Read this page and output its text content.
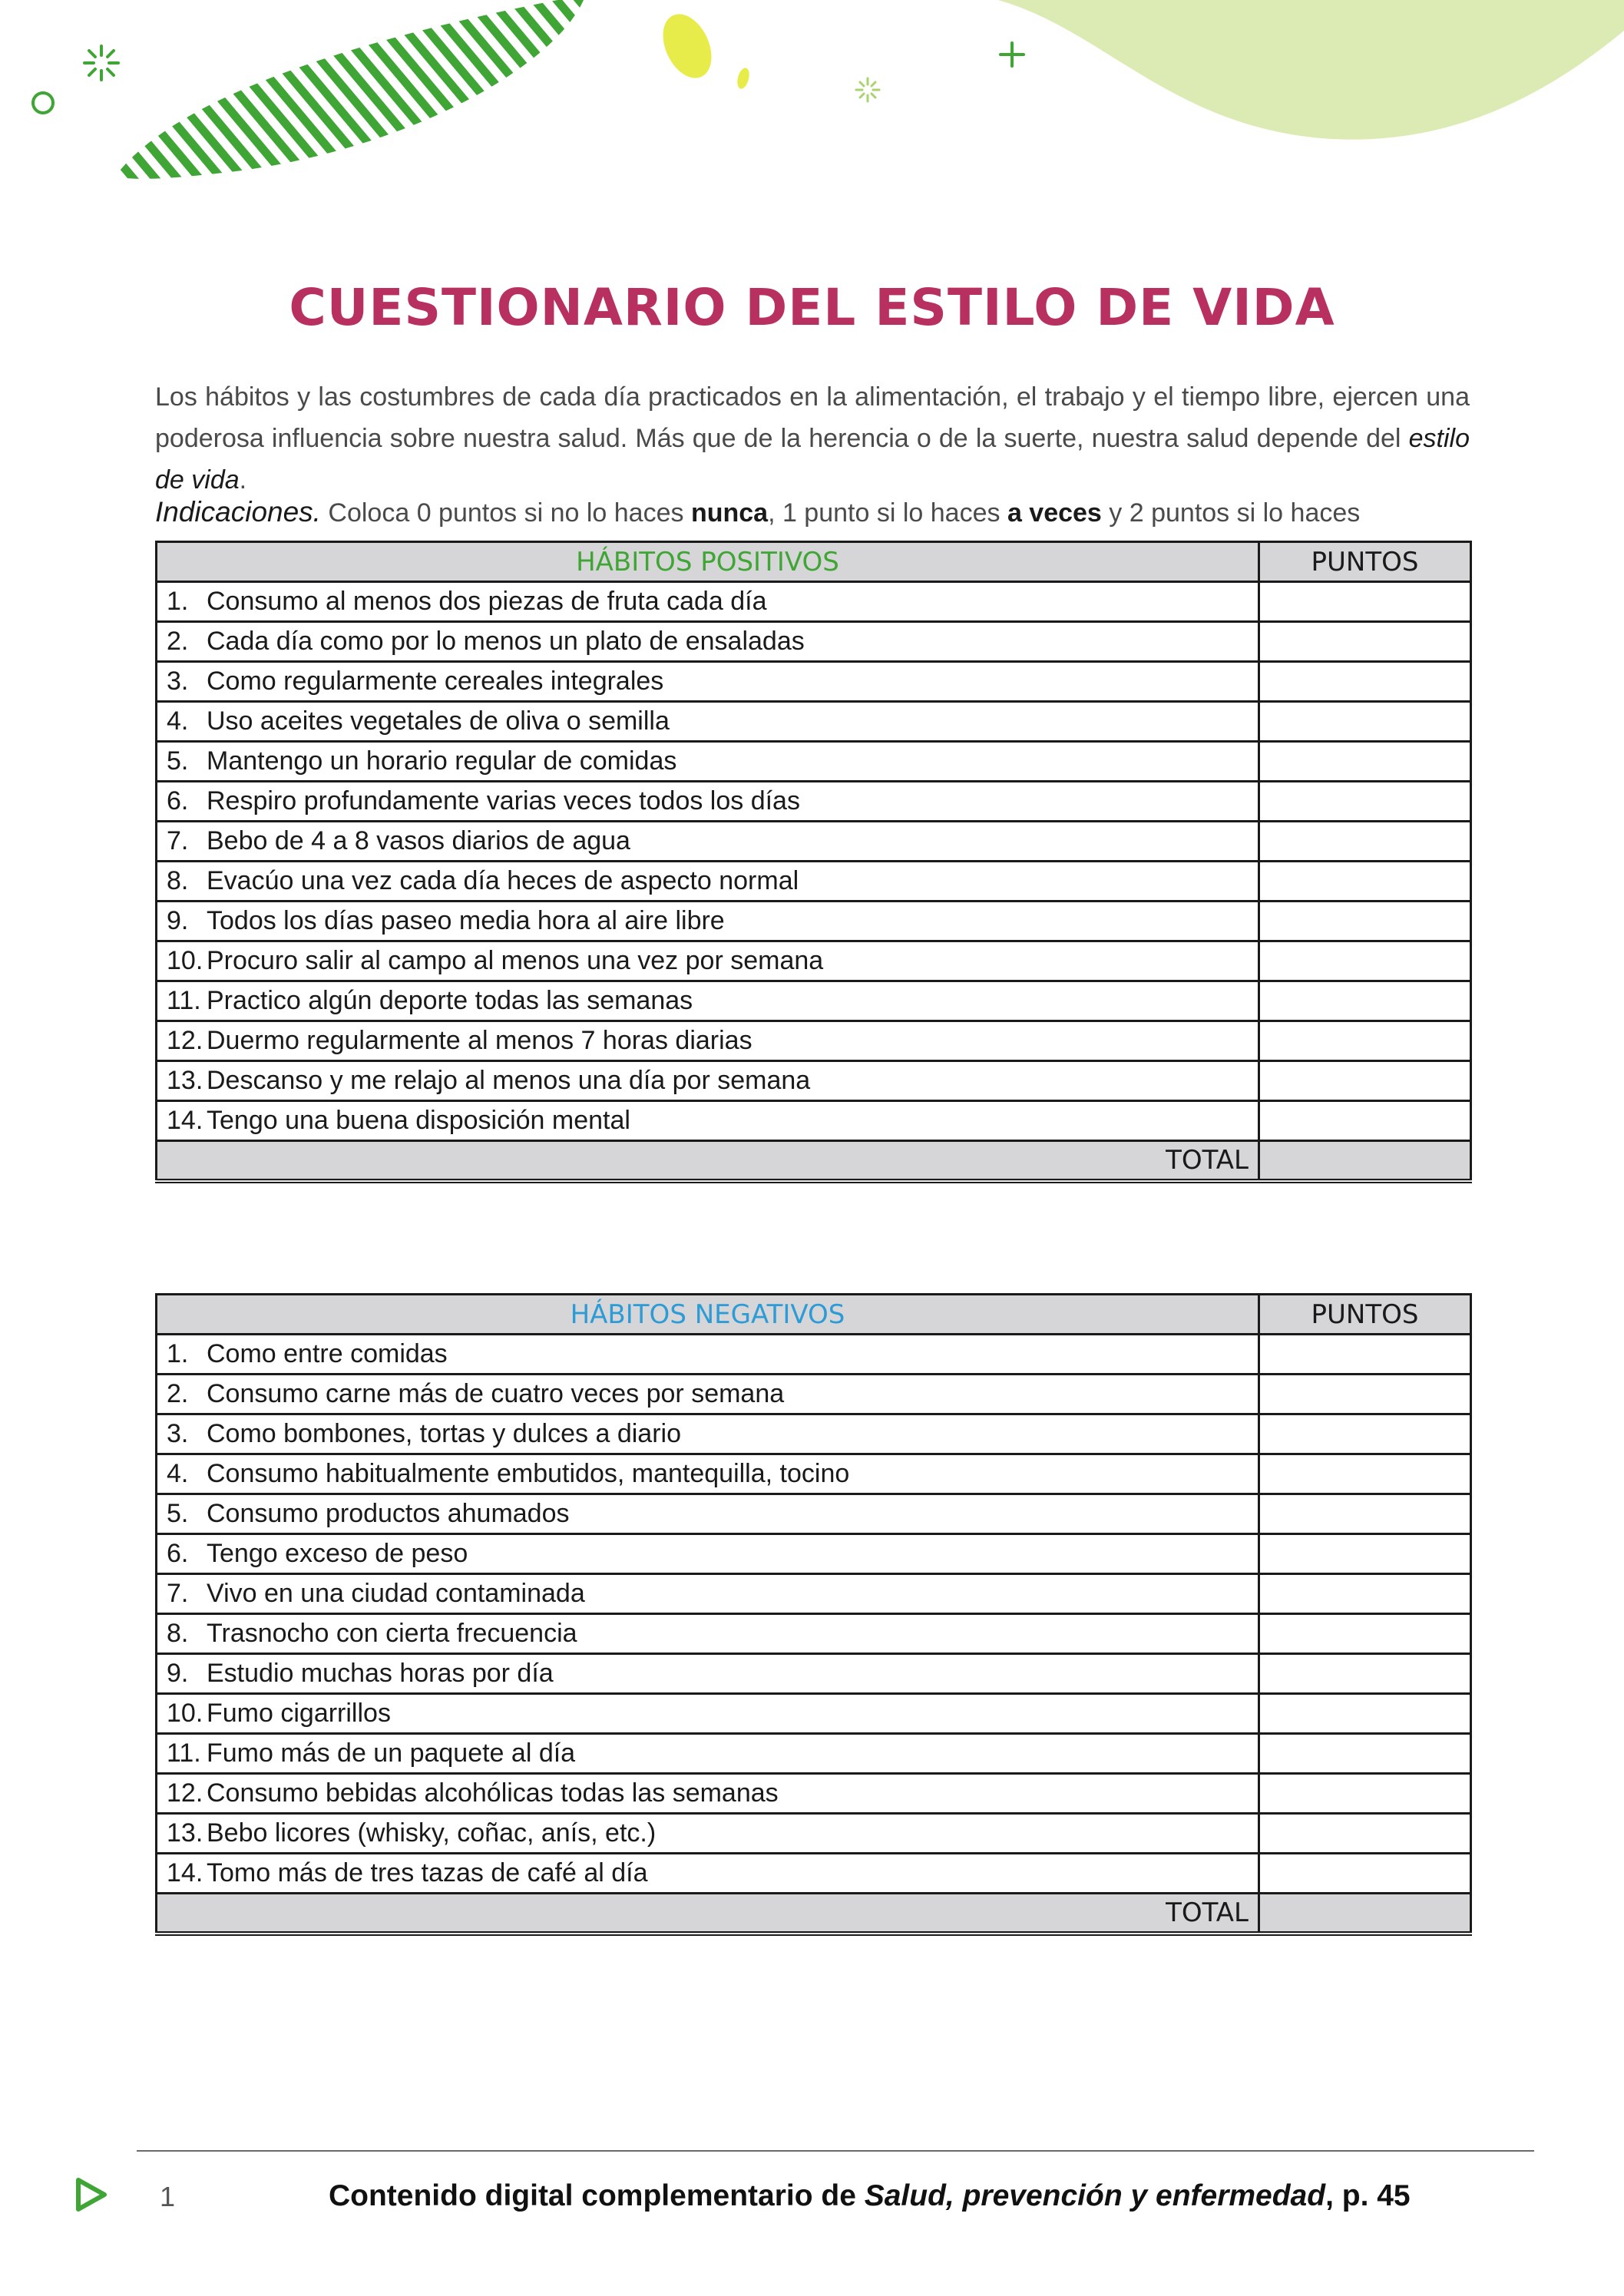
CUESTIONARIO DEL ESTILO DE VIDA
Los hábitos y las costumbres de cada día practicados en la alimentación, el trabajo y el tiempo libre, ejercen una poderosa influencia sobre nuestra salud. Más que de la herencia o de la suerte, nuestra salud depende del estilo de vida.
Indicaciones. Coloca 0 puntos si no lo haces nunca, 1 punto si lo haces a veces y 2 puntos si lo haces
HÁBITOS POSITIVOS	PUNTOS
1. Consumo al menos dos piezas de fruta cada día	
2. Cada día como por lo menos un plato de ensaladas	
3. Como regularmente cereales integrales	
4. Uso aceites vegetales de oliva o semilla	
5. Mantengo un horario regular de comidas	
6. Respiro profundamente varias veces todos los días	
7. Bebo de 4 a 8 vasos diarios de agua	
8. Evacúo una vez cada día heces de aspecto normal	
9. Todos los días paseo media hora al aire libre	
10. Procuro salir al campo al menos una vez por semana	
11. Practico algún deporte todas las semanas	
12. Duermo regularmente al menos 7 horas diarias	
13. Descanso y me relajo al menos una día por semana	
14. Tengo una buena disposición mental	
TOTAL	
HÁBITOS NEGATIVOS	PUNTOS
1. Como entre comidas	
2. Consumo carne más de cuatro veces por semana	
3. Como bombones, tortas y dulces a diario	
4. Consumo habitualmente embutidos, mantequilla, tocino	
5. Consumo productos ahumados	
6. Tengo exceso de peso	
7. Vivo en una ciudad contaminada	
8. Trasnocho con cierta frecuencia	
9. Estudio muchas horas por día	
10. Fumo cigarrillos	
11. Fumo más de un paquete al día	
12. Consumo bebidas alcohólicas todas las semanas	
13. Bebo licores (whisky, coñac, anís, etc.)	
14. Tomo más de tres tazas de café al día	
TOTAL	
1	Contenido digital complementario de Salud, prevención y enfermedad, p. 45
